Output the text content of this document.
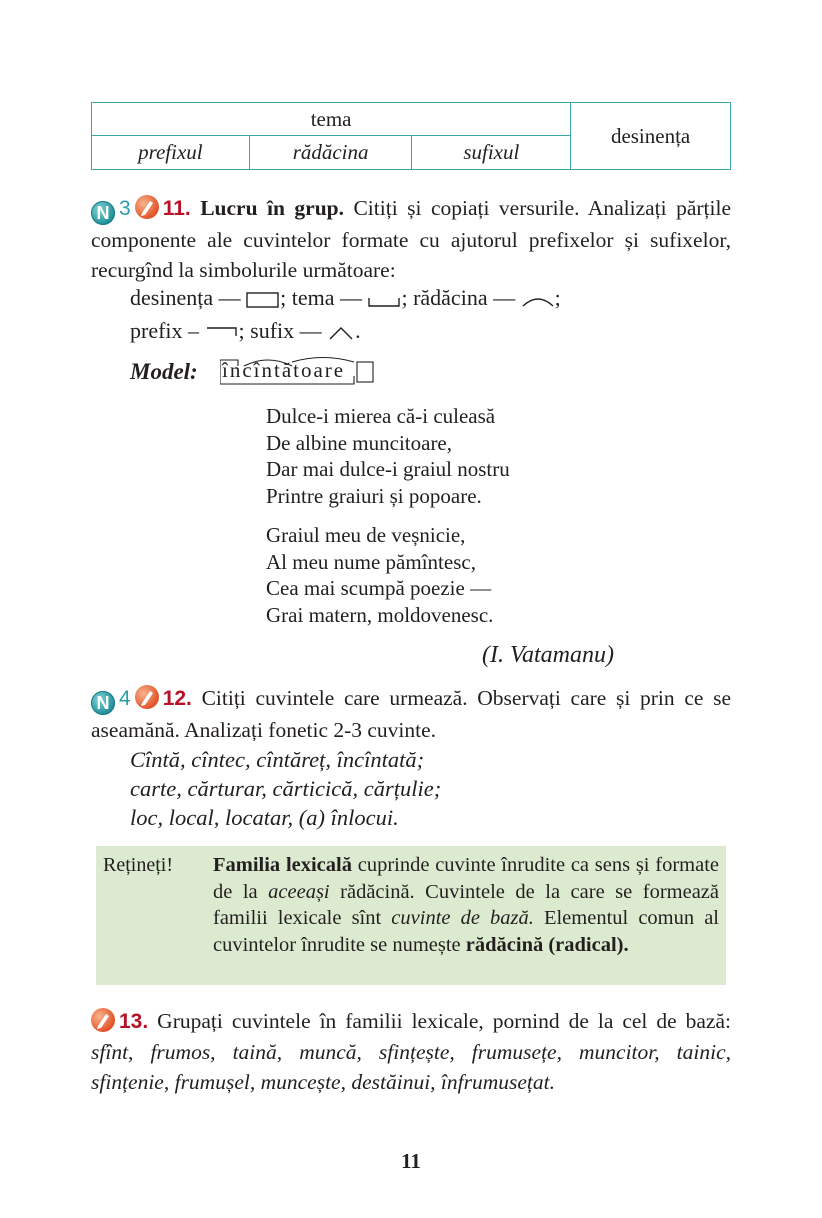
tema			desinența
prefixul	rădăcina	sufixul	
N 3 11. Lucru în grup. Citiți și copiați versurile. Analizați părțile componente ale cuvintelor formate cu ajutorul prefixelor și sufixelor, recurgînd la simbolurile următoare:
desinența — ; tema — ; rădăcina — ;
prefix – ; sufix — .
Model: încîntătoare
Dulce-i mierea că-i culeasă
De albine muncitoare,
Dar mai dulce-i graiul nostru
Printre graiuri și popoare.
Graiul meu de veșnicie,
Al meu nume pămîntesc,
Cea mai scumpă poezie —
Grai matern, moldovenesc.
(I. Vatamanu)
N 4 12. Citiți cuvintele care urmează. Observați care și prin ce se aseamănă. Analizați fonetic 2-3 cuvinte.
Cîntă, cîntec, cîntăreț, încîntată;
carte, cărturar, cărticică, cărțulie;
loc, local, locatar, (a) înlocui.
Rețineți! Familia lexicală cuprinde cuvinte înrudite ca sens și formate de la aceeași rădăcină. Cuvintele de la care se formează familii lexicale sînt cuvinte de bază. Elementul comun al cuvintelor înrudite se numește rădăcină (radical).
13. Grupați cuvintele în familii lexicale, pornind de la cel de bază: sfînt, frumos, taină, muncă, sfințește, frumusețe, muncitor, tainic, sfințenie, frumușel, muncește, destăinui, înfrumusețat.
11
